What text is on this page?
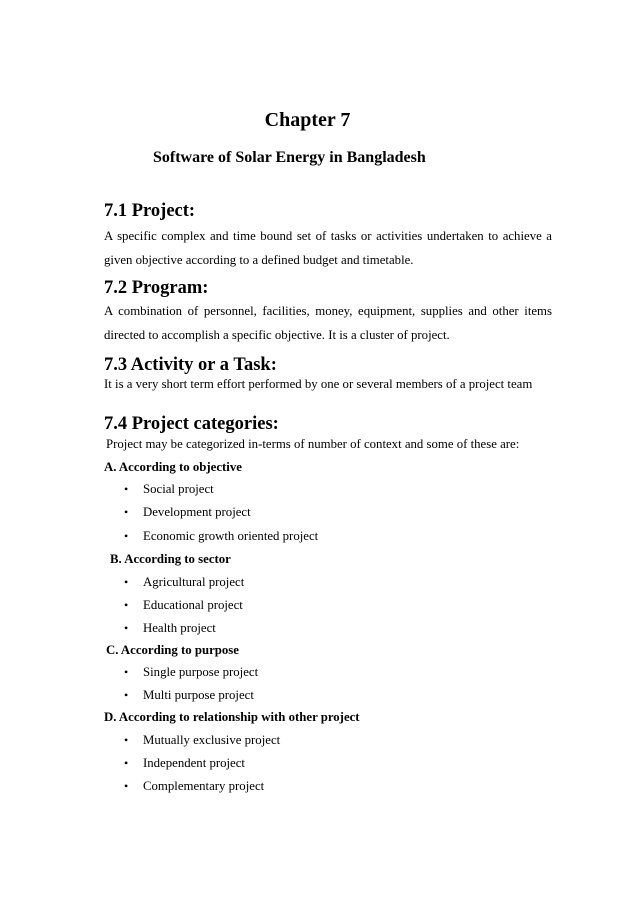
Chapter 7
Software of Solar Energy in Bangladesh
7.1 Project:

A specific complex and time bound set of tasks or activities undertaken to achieve a given objective according to a defined budget and timetable.

7.2 Program:

A combination of personnel, facilities, money, equipment, supplies and other items directed to accomplish a specific objective. It is a cluster of project.

7.3 Activity or a Task:

It is a very short term effort performed by one or several members of a project team

7.4 Project categories:

Project may be categorized in-terms of number of context and some of these are:

A. According to objective

• Social project
• Development project
• Economic growth oriented project

B. According to sector

• Agricultural project
• Educational project
• Health project

C. According to purpose

• Single purpose project
• Multi purpose project

D. According to relationship with other project

• Mutually exclusive project
• Independent project
• Complementary project
